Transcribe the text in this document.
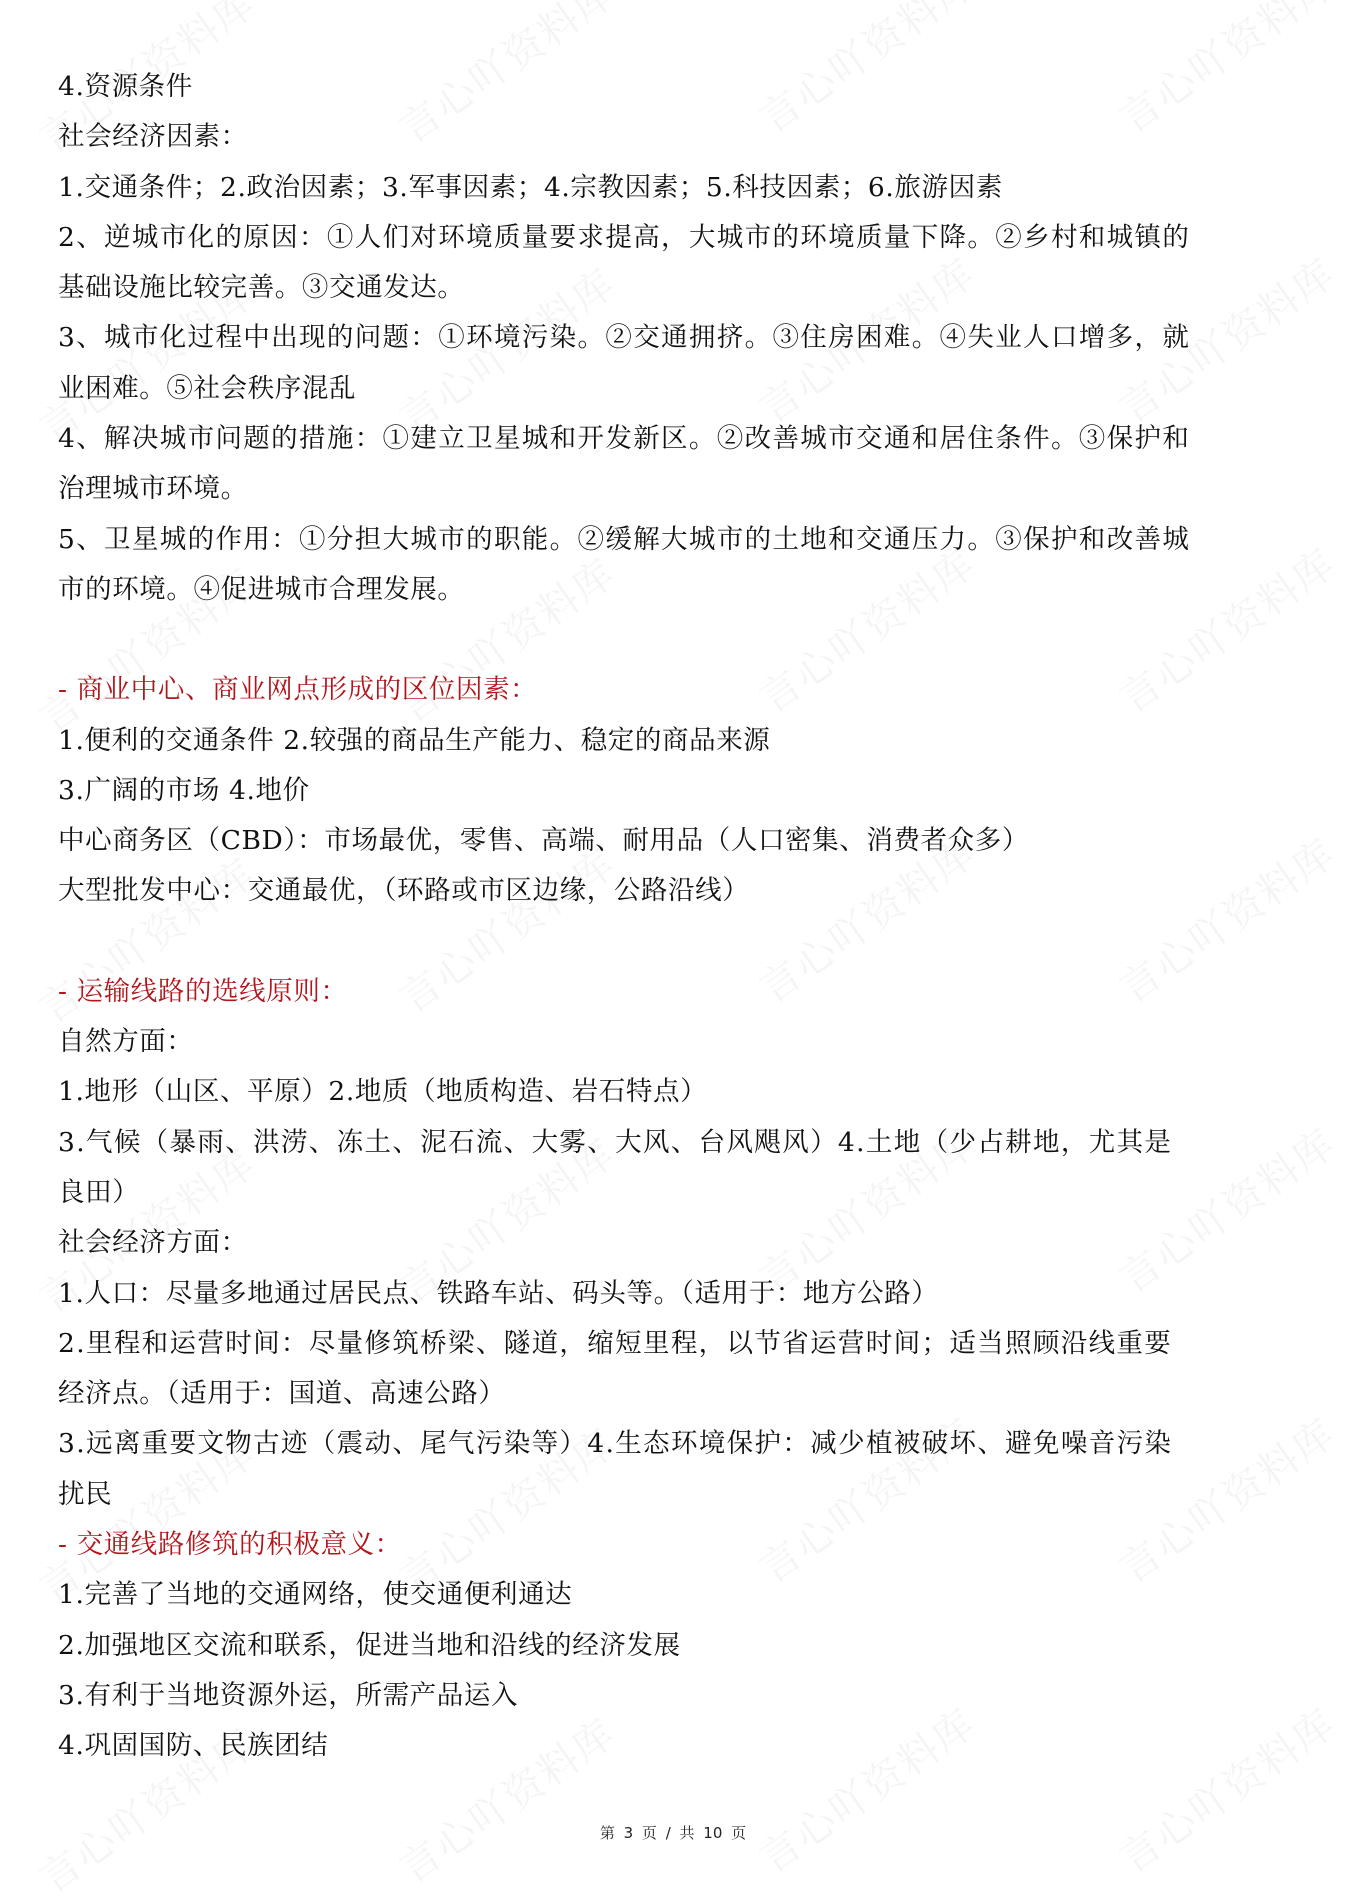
4.资源条件
社会经济因素：
1.交通条件；2.政治因素；3.军事因素；4.宗教因素；5.科技因素；6.旅游因素
2、逆城市化的原因：①人们对环境质量要求提高，大城市的环境质量下降。②乡村和城镇的
基础设施比较完善。③交通发达。
3、城市化过程中出现的问题：①环境污染。②交通拥挤。③住房困难。④失业人口增多，就
业困难。⑤社会秩序混乱
4、解决城市问题的措施：①建立卫星城和开发新区。②改善城市交通和居住条件。③保护和
治理城市环境。
5、卫星城的作用：①分担大城市的职能。②缓解大城市的土地和交通压力。③保护和改善城
市的环境。④促进城市合理发展。
- 商业中心、商业网点形成的区位因素：
1.便利的交通条件 2.较强的商品生产能力、稳定的商品来源
3.广阔的市场 4.地价
中心商务区（CBD）：市场最优，零售、高端、耐用品（人口密集、消费者众多）
大型批发中心：交通最优，（环路或市区边缘，公路沿线）
- 运输线路的选线原则：
自然方面：
1.地形（山区、平原）2.地质（地质构造、岩石特点）
3.气候（暴雨、洪涝、冻土、泥石流、大雾、大风、台风飓风）4.土地（少占耕地，尤其是
良田）
社会经济方面：
1.人口：尽量多地通过居民点、铁路车站、码头等。（适用于：地方公路）
2.里程和运营时间：尽量修筑桥梁、隧道，缩短里程，以节省运营时间；适当照顾沿线重要
经济点。（适用于：国道、高速公路）
3.远离重要文物古迹（震动、尾气污染等）4.生态环境保护：减少植被破坏、避免噪音污染
扰民
- 交通线路修筑的积极意义：
1.完善了当地的交通网络，使交通便利通达
2.加强地区交流和联系，促进当地和沿线的经济发展
3.有利于当地资源外运，所需产品运入
4.巩固国防、民族团结
第 3 页 / 共 10 页
